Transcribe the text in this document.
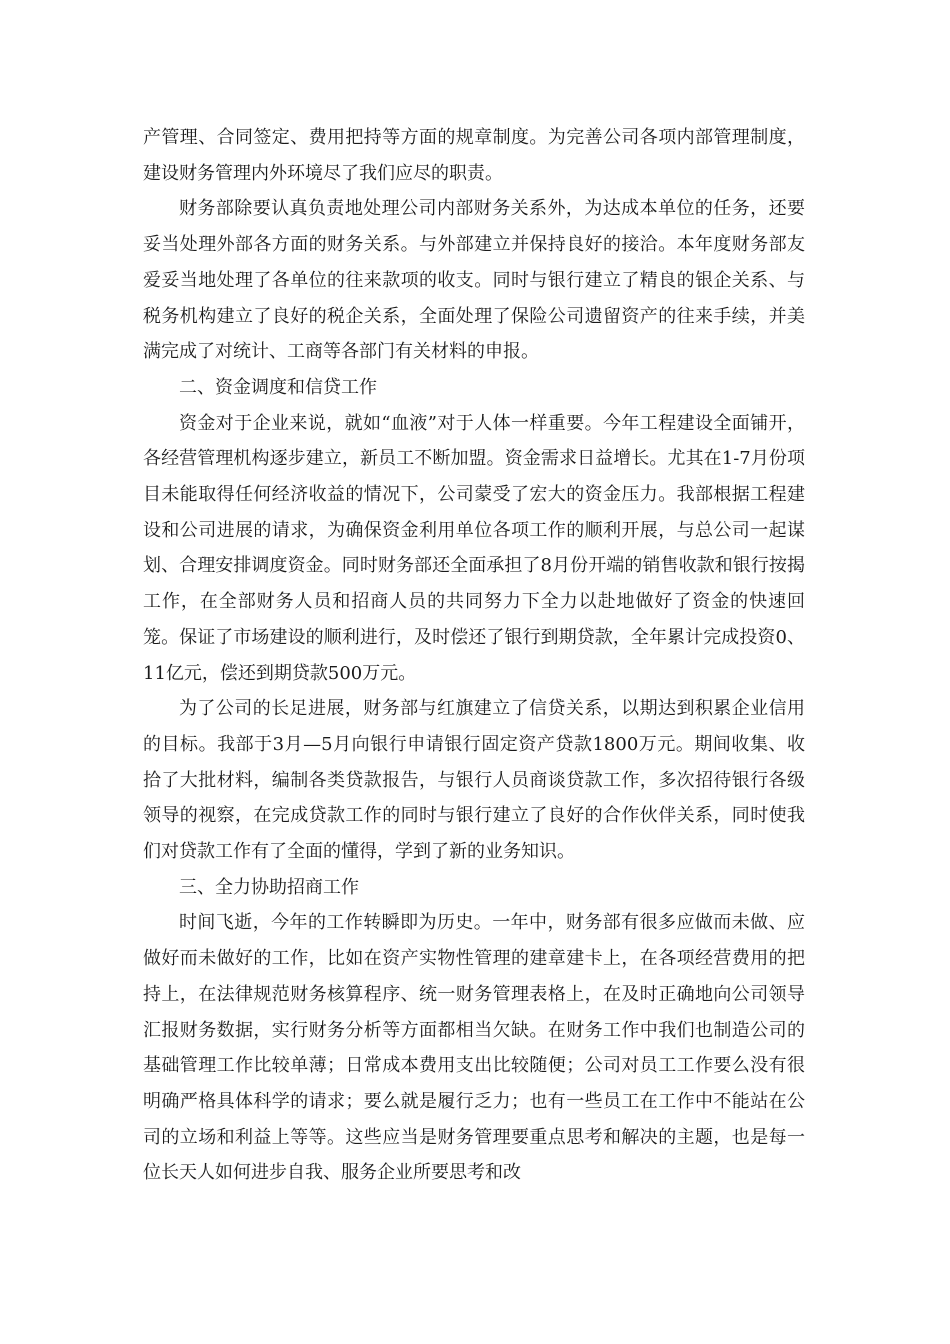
产管理、合同签定、费用把持等方面的规章制度。为完善公司各项内部管理制度，建设财务管理内外环境尽了我们应尽的职责。

财务部除要认真负责地处理公司内部财务关系外，为达成本单位的任务，还要妥当处理外部各方面的财务关系。与外部建立并保持良好的接洽。本年度财务部友爱妥当地处理了各单位的往来款项的收支。同时与银行建立了精良的银企关系、与税务机构建立了良好的税企关系，全面处理了保险公司遗留资产的往来手续，并美满完成了对统计、工商等各部门有关材料的申报。

二、资金调度和信贷工作

资金对于企业来说，就如“血液”对于人体一样重要。今年工程建设全面铺开，各经营管理机构逐步建立，新员工不断加盟。资金需求日益增长。尤其在1-7月份项目未能取得任何经济收益的情况下，公司蒙受了宏大的资金压力。我部根据工程建设和公司进展的请求，为确保资金利用单位各项工作的顺利开展，与总公司一起谋划、合理安排调度资金。同时财务部还全面承担了8月份开端的销售收款和银行按揭工作，在全部财务人员和招商人员的共同努力下全力以赴地做好了资金的快速回笼。保证了市场建设的顺利进行，及时偿还了银行到期贷款，全年累计完成投资0、11亿元，偿还到期贷款500万元。

为了公司的长足进展，财务部与红旗建立了信贷关系，以期达到积累企业信用的目标。我部于3月—5月向银行申请银行固定资产贷款1800万元。期间收集、收拾了大批材料，编制各类贷款报告，与银行人员商谈贷款工作，多次招待银行各级领导的视察，在完成贷款工作的同时与银行建立了良好的合作伙伴关系，同时使我们对贷款工作有了全面的懂得，学到了新的业务知识。

三、全力协助招商工作

时间飞逝，今年的工作转瞬即为历史。一年中，财务部有很多应做而未做、应做好而未做好的工作，比如在资产实物性管理的建章建卡上，在各项经营费用的把持上，在法律规范财务核算程序、统一财务管理表格上，在及时正确地向公司领导汇报财务数据，实行财务分析等方面都相当欠缺。在财务工作中我们也制造公司的基础管理工作比较单薄；日常成本费用支出比较随便；公司对员工工作要么没有很明确严格具体科学的请求；要么就是履行乏力；也有一些员工在工作中不能站在公司的立场和利益上等等。这些应当是财务管理要重点思考和解决的主题，也是每一位长天人如何进步自我、服务企业所要思考和改
